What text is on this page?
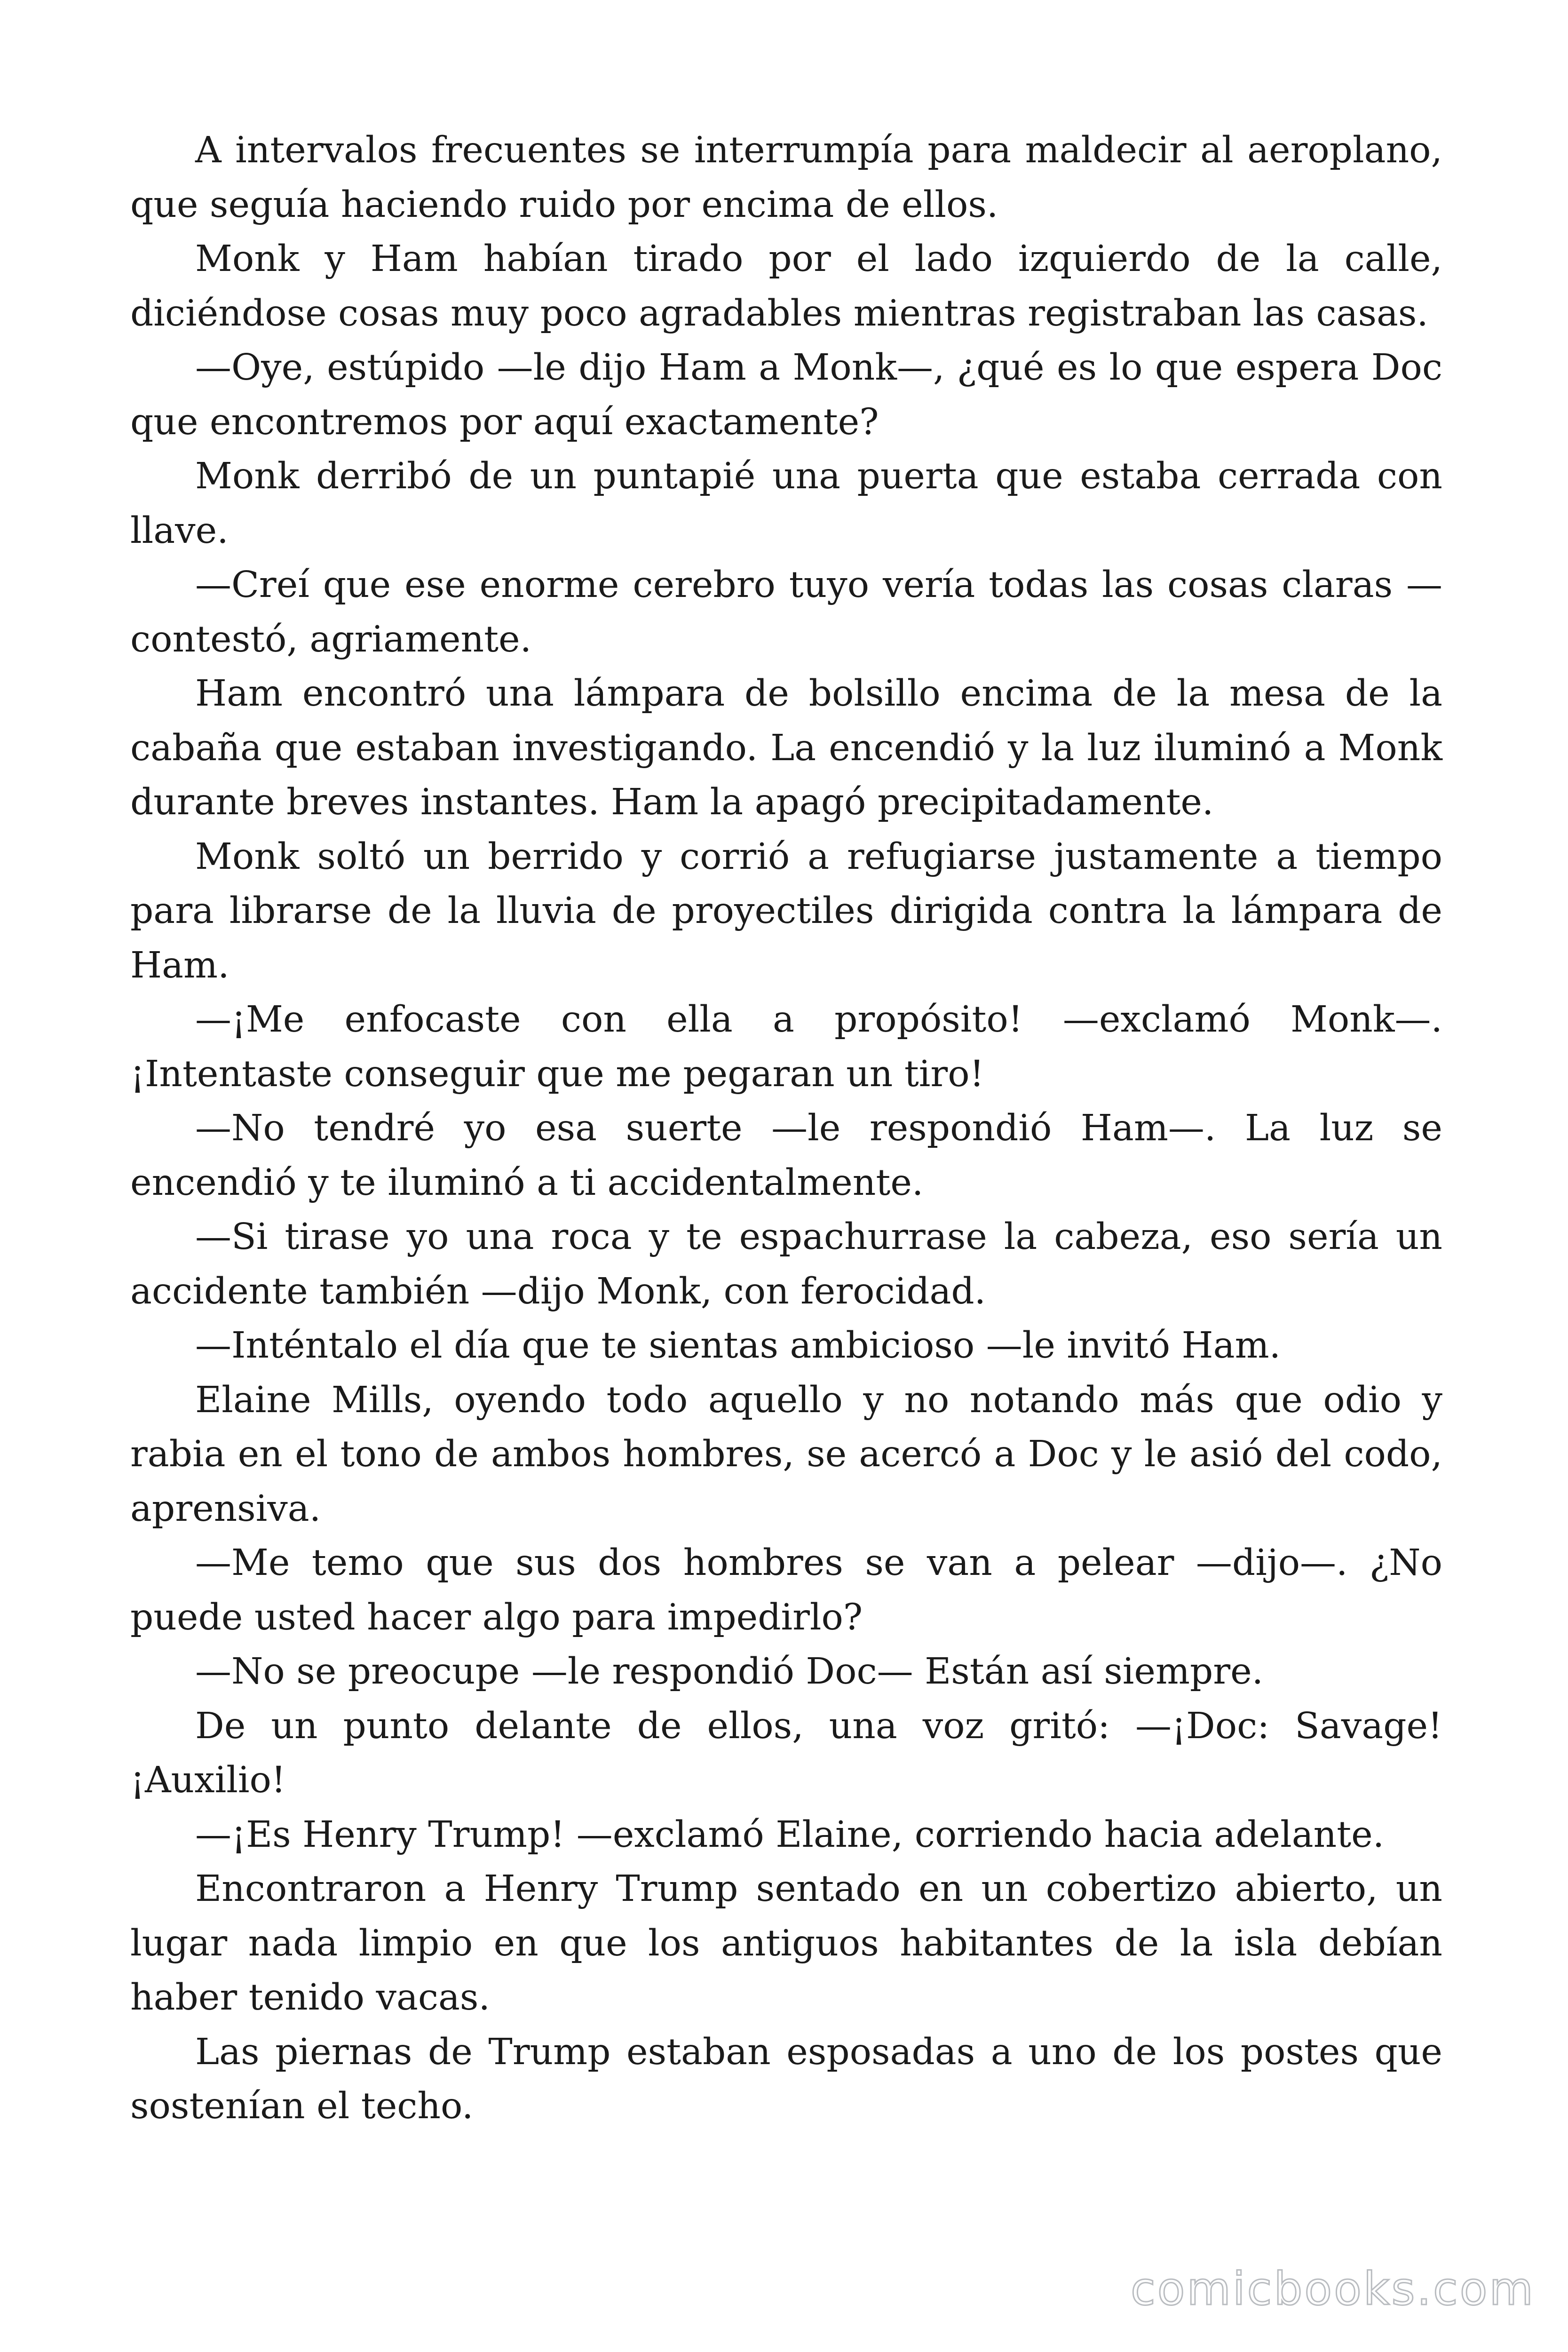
A intervalos frecuentes se interrumpía para maldecir al aeroplano, que seguía haciendo ruido por encima de ellos.

Monk y Ham habían tirado por el lado izquierdo de la calle, diciéndose cosas muy poco agradables mientras registraban las casas.

—Oye, estúpido —le dijo Ham a Monk—, ¿qué es lo que espera Doc que encontremos por aquí exactamente?

Monk derribó de un puntapié una puerta que estaba cerrada con llave.

—Creí que ese enorme cerebro tuyo vería todas las cosas claras —contestó, agriamente.

Ham encontró una lámpara de bolsillo encima de la mesa de la cabaña que estaban investigando. La encendió y la luz iluminó a Monk durante breves instantes. Ham la apagó precipitadamente.

Monk soltó un berrido y corrió a refugiarse justamente a tiempo para librarse de la lluvia de proyectiles dirigida contra la lámpara de Ham.

—¡Me enfocaste con ella a propósito! —exclamó Monk—. ¡Intentaste conseguir que me pegaran un tiro!

—No tendré yo esa suerte —le respondió Ham—. La luz se encendió y te iluminó a ti accidentalmente.

—Si tirase yo una roca y te espachurrase la cabeza, eso sería un accidente también —dijo Monk, con ferocidad.

—Inténtalo el día que te sientas ambicioso —le invitó Ham.

Elaine Mills, oyendo todo aquello y no notando más que odio y rabia en el tono de ambos hombres, se acercó a Doc y le asió del codo, aprensiva.

—Me temo que sus dos hombres se van a pelear —dijo—. ¿No puede usted hacer algo para impedirlo?

—No se preocupe —le respondió Doc— Están así siempre.

De un punto delante de ellos, una voz gritó: —¡Doc: Savage! ¡Auxilio!

—¡Es Henry Trump! —exclamó Elaine, corriendo hacia adelante.

Encontraron a Henry Trump sentado en un cobertizo abierto, un lugar nada limpio en que los antiguos habitantes de la isla debían haber tenido vacas.

Las piernas de Trump estaban esposadas a uno de los postes que sostenían el techo.

comicbooks.com
